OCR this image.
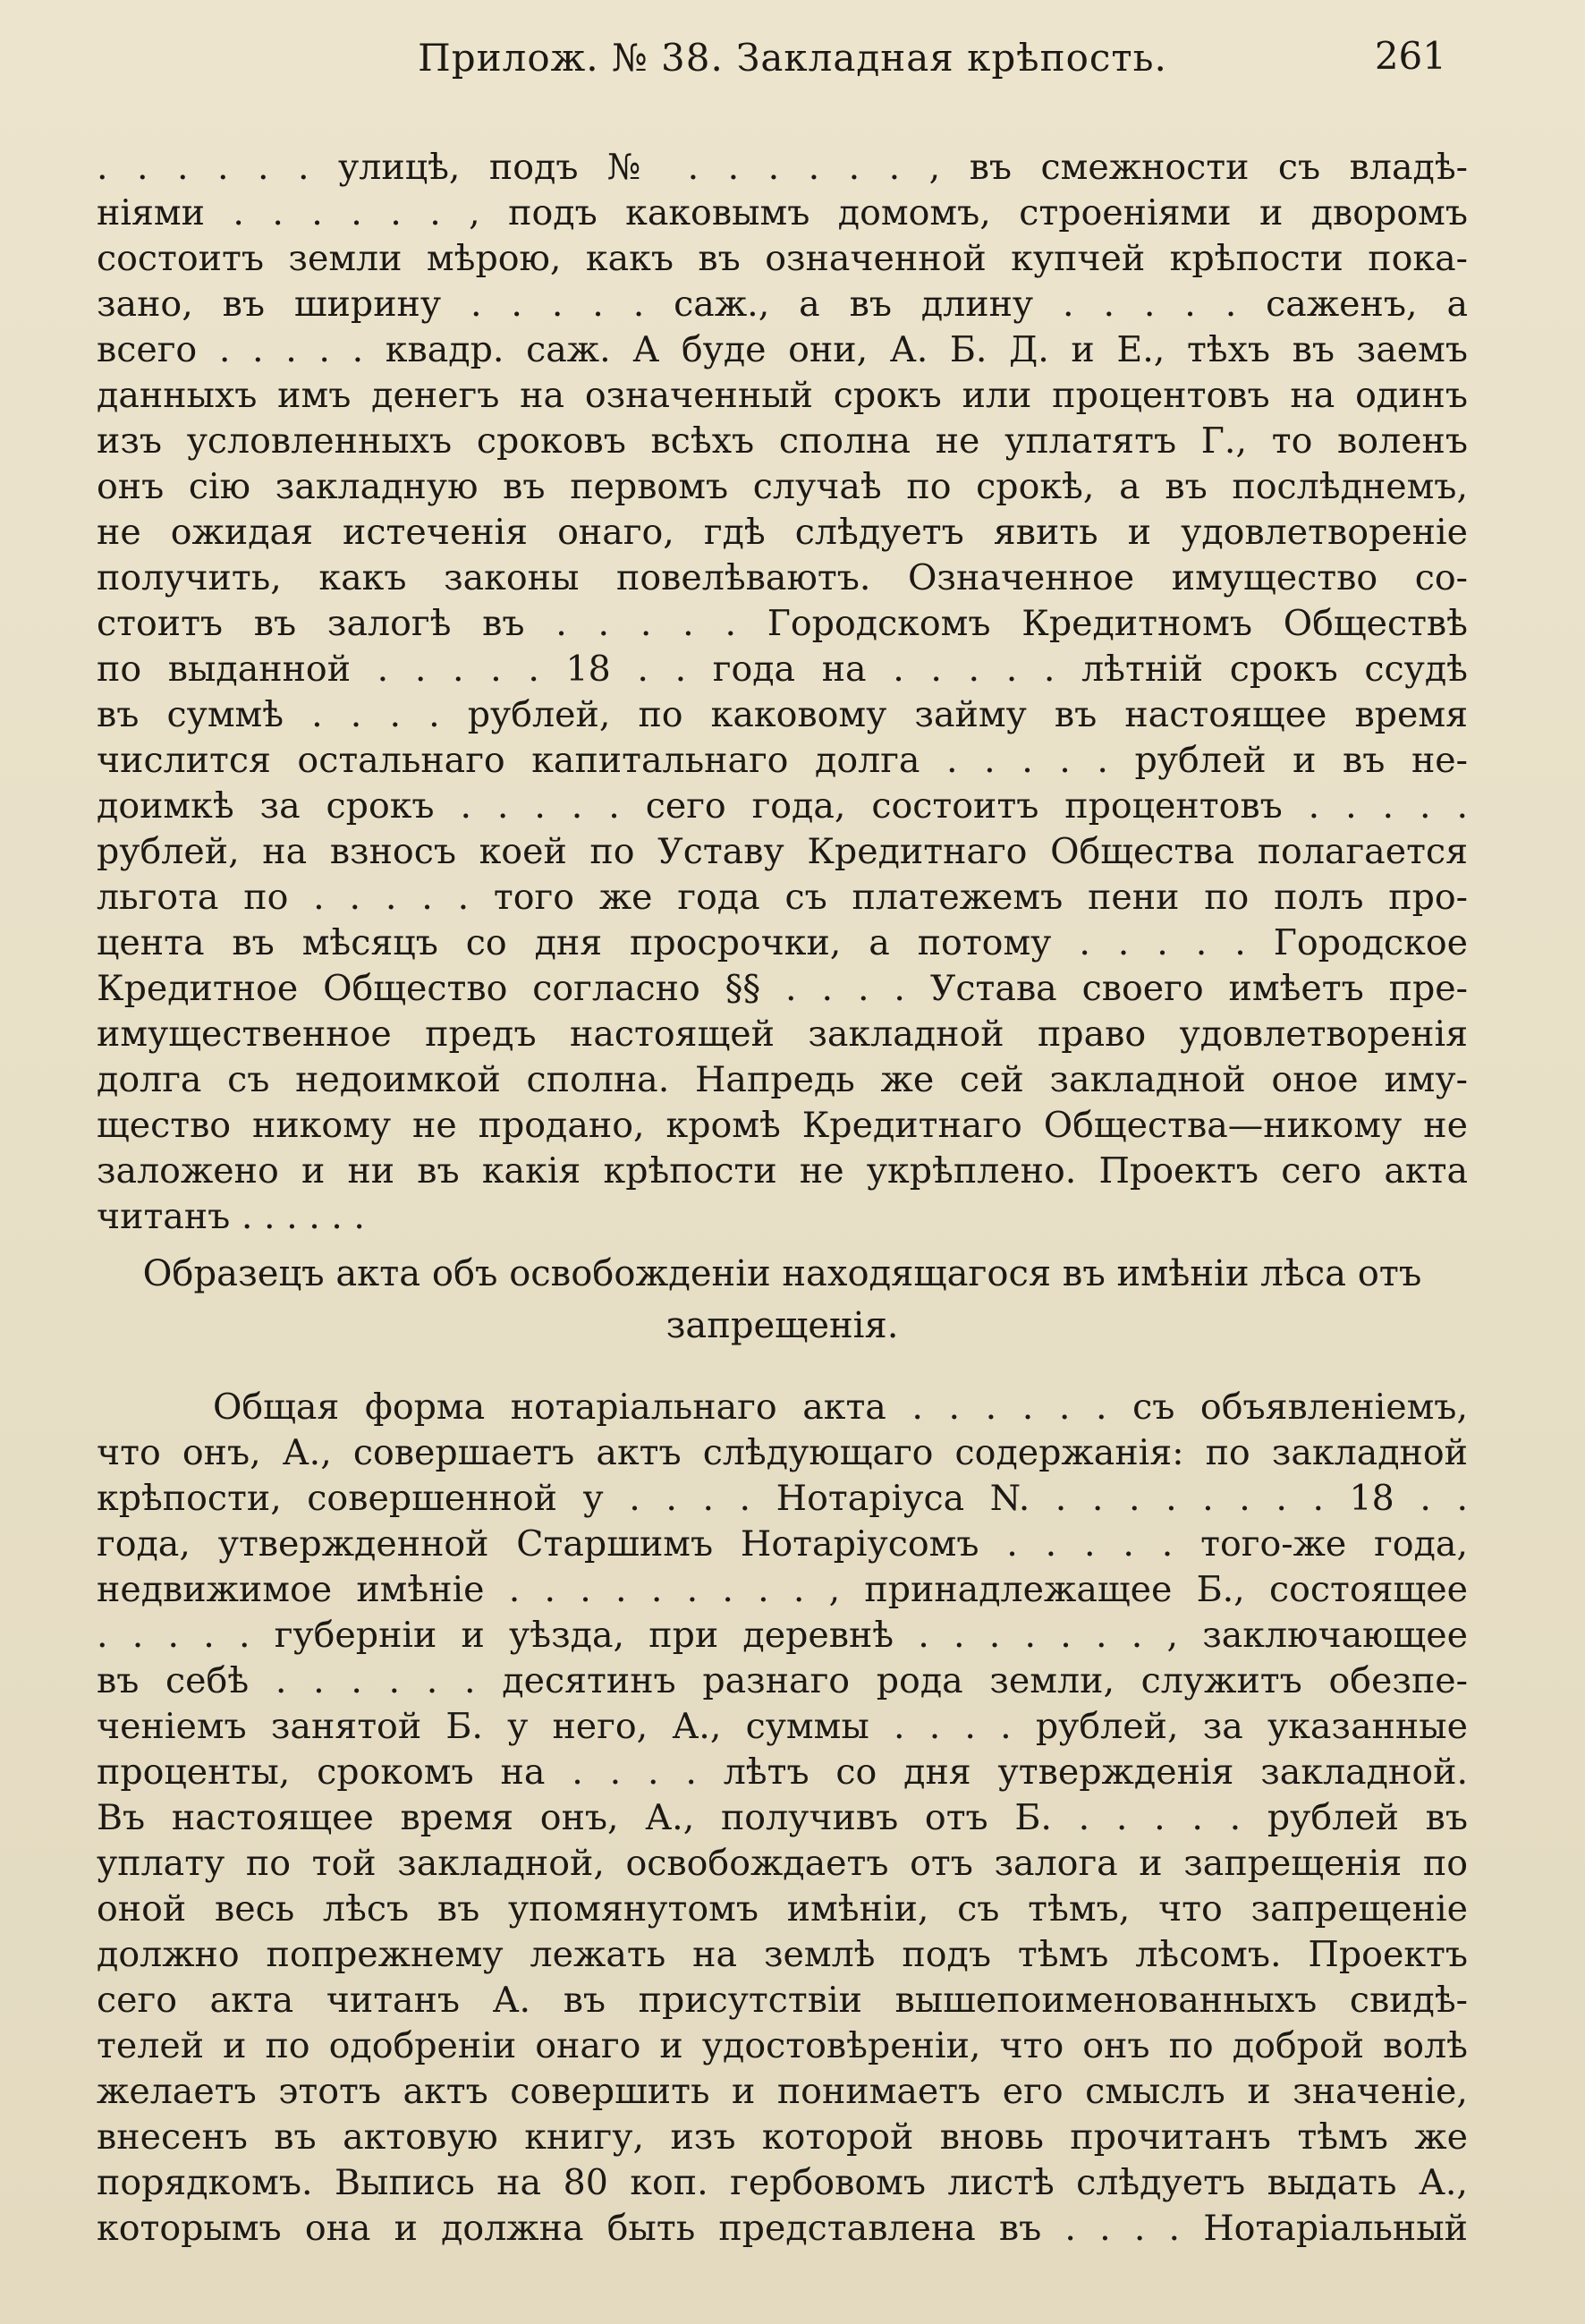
Прилож. № 38. Закладная крѣпость.	261
. . . . . . улицѣ, подъ № . . . . . . , въ смежности съ владѣ-
ніями . . . . . . , подъ каковымъ домомъ, строеніями и дворомъ
состоитъ земли мѣрою, какъ въ означенной купчей крѣпости пока-
зано, въ ширину . . . . . саж., а въ длину . . . . . саженъ, а
всего . . . . . квадр. саж. А буде они, А. Б. Д. и Е., тѣхъ въ заемъ
данныхъ имъ денегъ на означенный срокъ или процентовъ на одинъ
изъ условленныхъ сроковъ всѣхъ сполна не уплатятъ Г., то воленъ
онъ сію закладную въ первомъ случаѣ по срокѣ, а въ послѣднемъ,
не ожидая истеченія онаго, гдѣ слѣдуетъ явить и удовлетвореніе
получить, какъ законы повелѣваютъ. Означенное имущество со-
стоитъ въ залогѣ въ . . . . . Городскомъ Кредитномъ Обществѣ
по выданной . . . . . 18 . . года на . . . . . лѣтній срокъ ссудѣ
въ суммѣ . . . . рублей, по каковому займу въ настоящее время
числится остальнаго капитальнаго долга . . . . . рублей и въ не-
доимкѣ за срокъ . . . . . сего года, состоитъ процентовъ . . . . .
рублей, на взносъ коей по Уставу Кредитнаго Общества полагается
льгота по . . . . . того же года съ платежемъ пени по полъ про-
цента въ мѣсяцъ со дня просрочки, а потому . . . . . Городское
Кредитное Общество согласно §§ . . . . Устава своего имѣетъ пре-
имущественное предъ настоящей закладной право удовлетворенія
долга съ недоимкой сполна. Напредь же сей закладной оное иму-
щество никому не продано, кромѣ Кредитнаго Общества—никому не
заложено и ни въ какія крѣпости не укрѣплено. Проектъ сего акта
читанъ . . . . . .
Образецъ акта объ освобожденіи находящагося въ имѣніи лѣса отъ
запрещенія.
Общая форма нотаріальнаго акта . . . . . . съ объявленіемъ,
что онъ, А., совершаетъ актъ слѣдующаго содержанія: по закладной
крѣпости, совершенной у . . . . Нотаріуса N. . . . . . . . . 18 . .
года, утвержденной Старшимъ Нотаріусомъ . . . . . того-же года,
недвижимое имѣніе . . . . . . . . . , принадлежащее Б., состоящее
. . . . . губерніи и уѣзда, при деревнѣ . . . . . . . , заключающее
въ себѣ . . . . . . десятинъ разнаго рода земли, служитъ обезпе-
ченіемъ занятой Б. у него, А., суммы . . . . рублей, за указанные
проценты, срокомъ на . . . . лѣтъ со дня утвержденія закладной.
Въ настоящее время онъ, А., получивъ отъ Б. . . . . . рублей въ
уплату по той закладной, освобождаетъ отъ залога и запрещенія по
оной весь лѣсъ въ упомянутомъ имѣніи, съ тѣмъ, что запрещеніе
должно попрежнему лежать на землѣ подъ тѣмъ лѣсомъ. Проектъ
сего акта читанъ А. въ присутствіи вышепоименованныхъ свидѣ-
телей и по одобреніи онаго и удостовѣреніи, что онъ по доброй волѣ
желаетъ этотъ актъ совершить и понимаетъ его смыслъ и значеніе,
внесенъ въ актовую книгу, изъ которой вновь прочитанъ тѣмъ же
порядкомъ. Выпись на 80 коп. гербовомъ листѣ слѣдуетъ выдать А.,
которымъ она и должна быть представлена въ . . . . Нотаріальный
